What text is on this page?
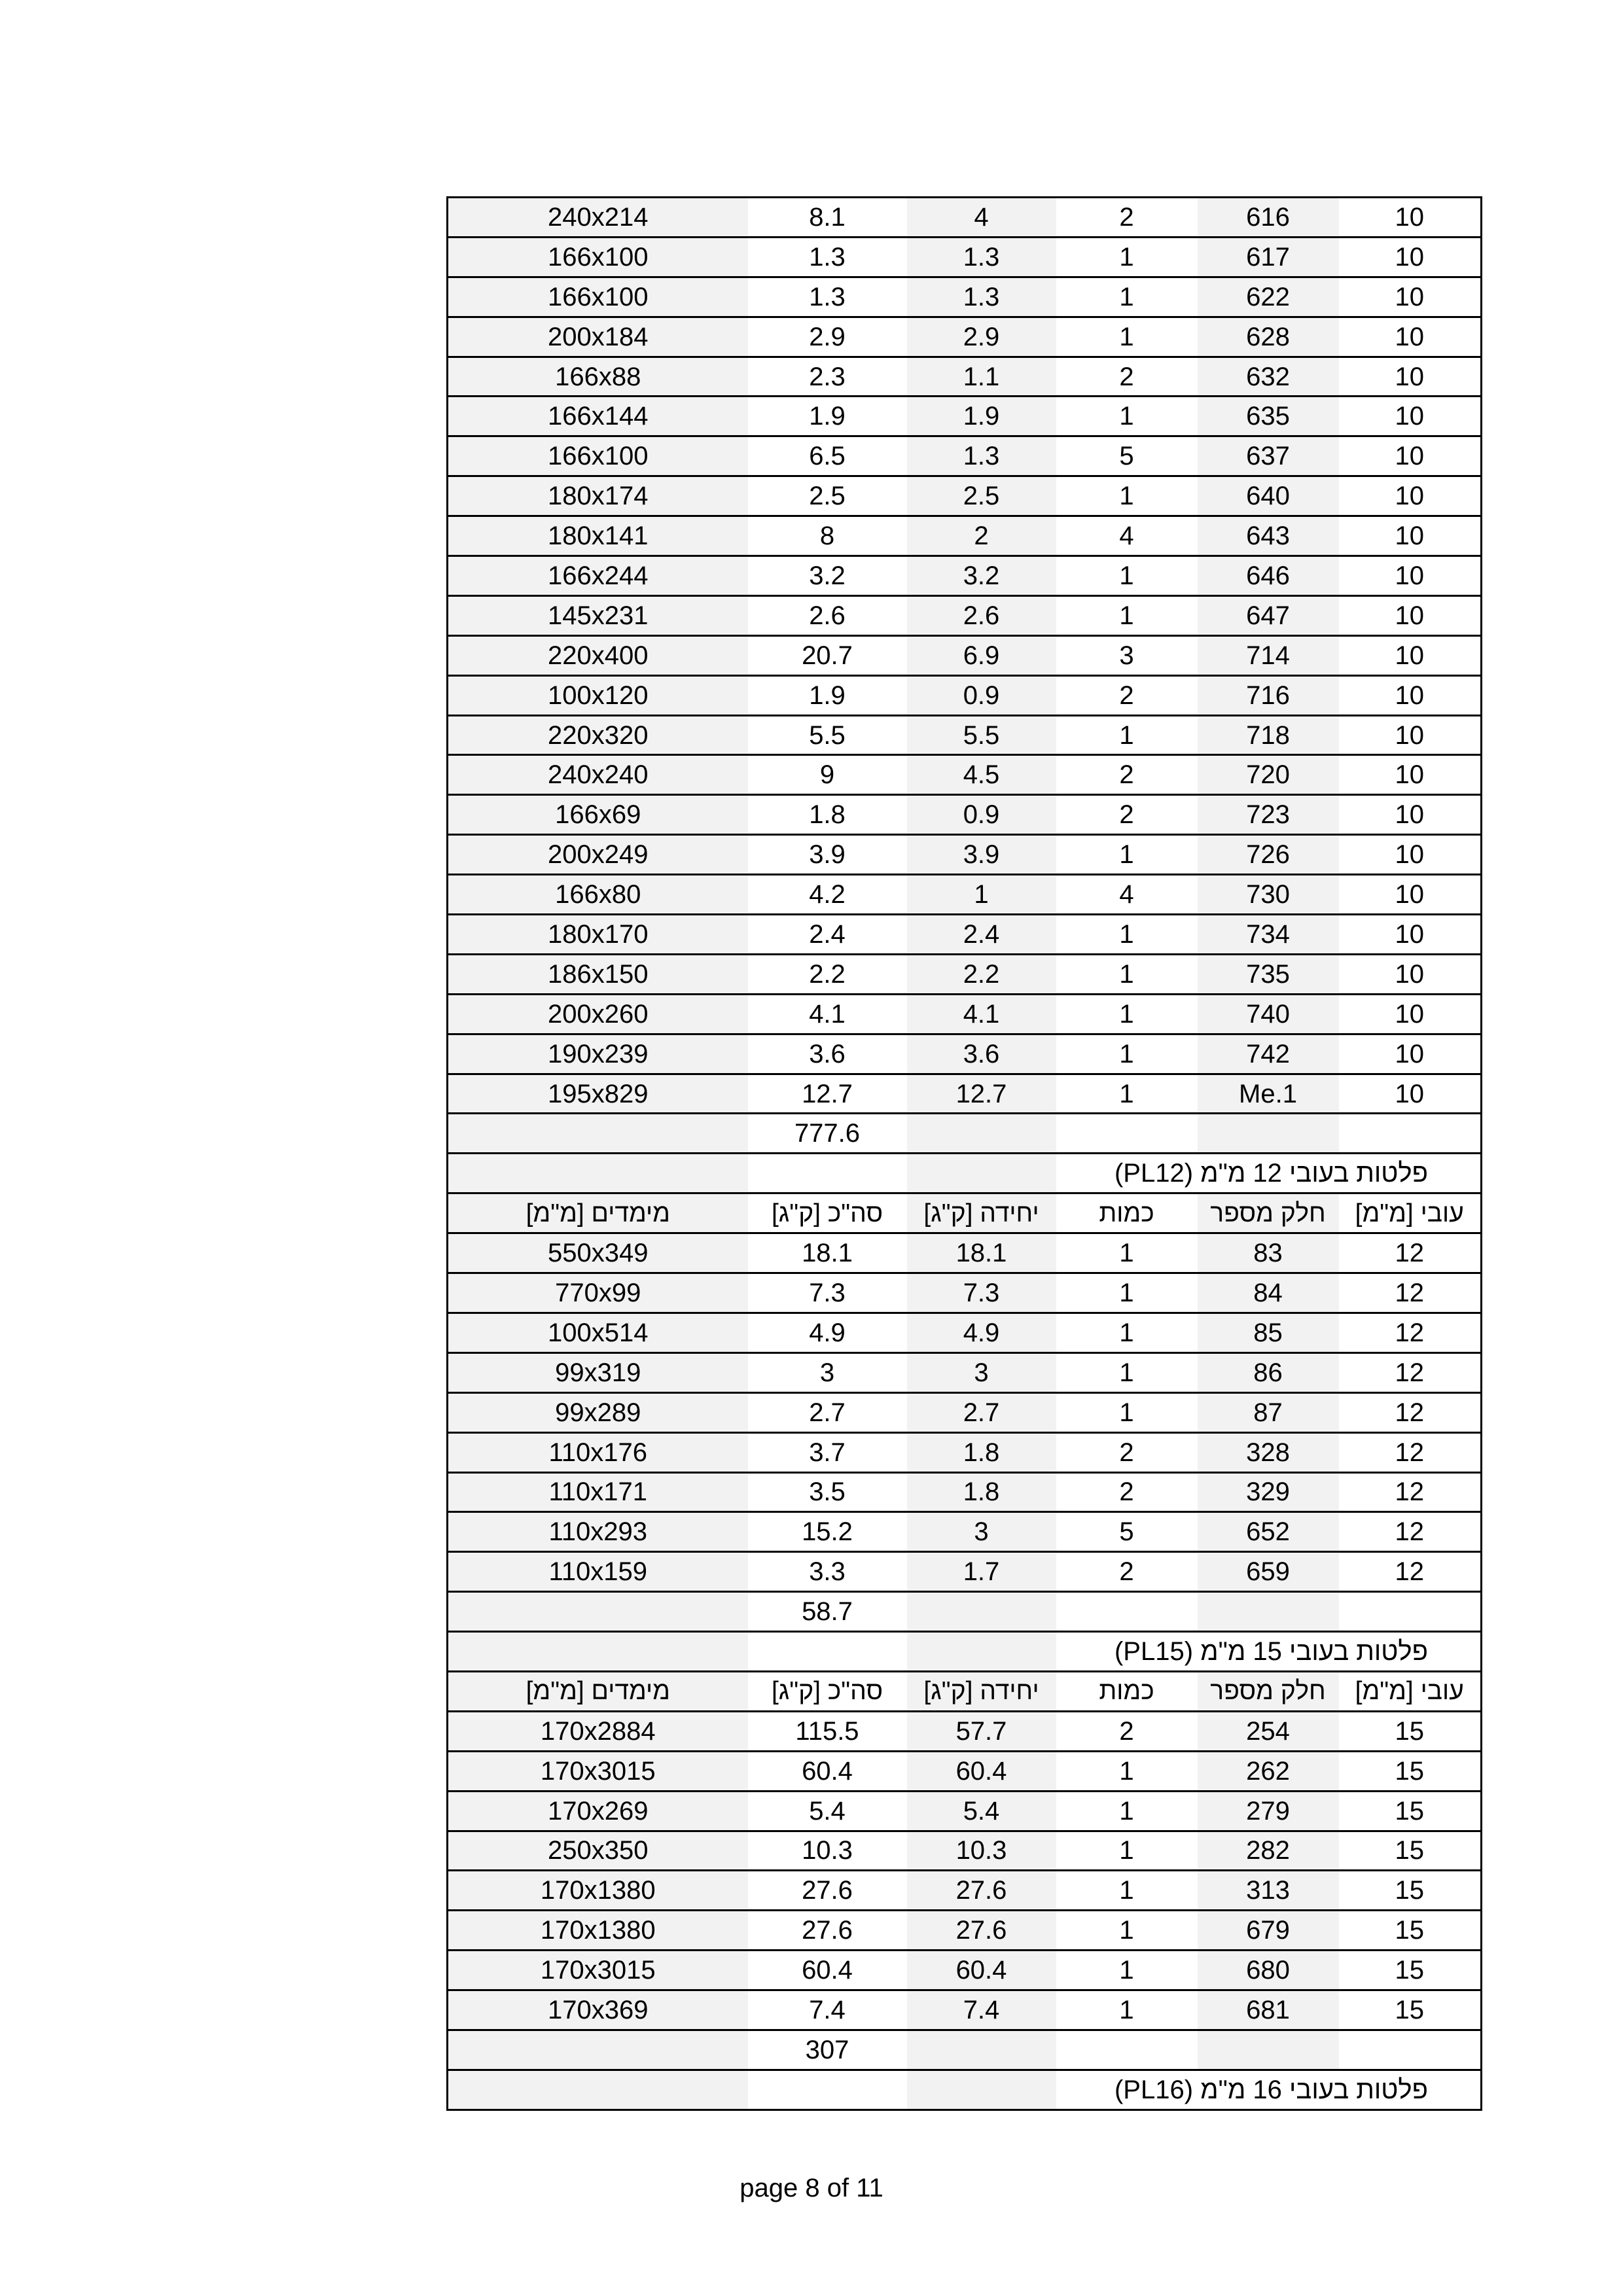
10	616	2	4	8.1	240x214
10	617	1	1.3	1.3	166x100
10	622	1	1.3	1.3	166x100
10	628	1	2.9	2.9	200x184
10	632	2	1.1	2.3	166x88
10	635	1	1.9	1.9	166x144
10	637	5	1.3	6.5	166x100
10	640	1	2.5	2.5	180x174
10	643	4	2	8	180x141
10	646	1	3.2	3.2	166x244
10	647	1	2.6	2.6	145x231
10	714	3	6.9	20.7	220x400
10	716	2	0.9	1.9	100x120
10	718	1	5.5	5.5	220x320
10	720	2	4.5	9	240x240
10	723	2	0.9	1.8	166x69
10	726	1	3.9	3.9	200x249
10	730	4	1	4.2	166x80
10	734	1	2.4	2.4	180x170
10	735	1	2.2	2.2	186x150
10	740	1	4.1	4.1	200x260
10	742	1	3.6	3.6	190x239
10	Me.1	1	12.7	12.7	195x829
				777.6	
פלטות בעובי 12 מ"מ (PL12)					
עובי [מ"מ]	חלק מספר	כמות	יחידה [ק"ג]	סה"כ [ק"ג]	מימדים [מ"מ]
12	83	1	18.1	18.1	550x349
12	84	1	7.3	7.3	770x99
12	85	1	4.9	4.9	100x514
12	86	1	3	3	99x319
12	87	1	2.7	2.7	99x289
12	328	2	1.8	3.7	110x176
12	329	2	1.8	3.5	110x171
12	652	5	3	15.2	110x293
12	659	2	1.7	3.3	110x159
				58.7	
פלטות בעובי 15 מ"מ (PL15)					
עובי [מ"מ]	חלק מספר	כמות	יחידה [ק"ג]	סה"כ [ק"ג]	מימדים [מ"מ]
15	254	2	57.7	115.5	170x2884
15	262	1	60.4	60.4	170x3015
15	279	1	5.4	5.4	170x269
15	282	1	10.3	10.3	250x350
15	313	1	27.6	27.6	170x1380
15	679	1	27.6	27.6	170x1380
15	680	1	60.4	60.4	170x3015
15	681	1	7.4	7.4	170x369
				307	
פלטות בעובי 16 מ"מ (PL16)					
page 8 of 11
